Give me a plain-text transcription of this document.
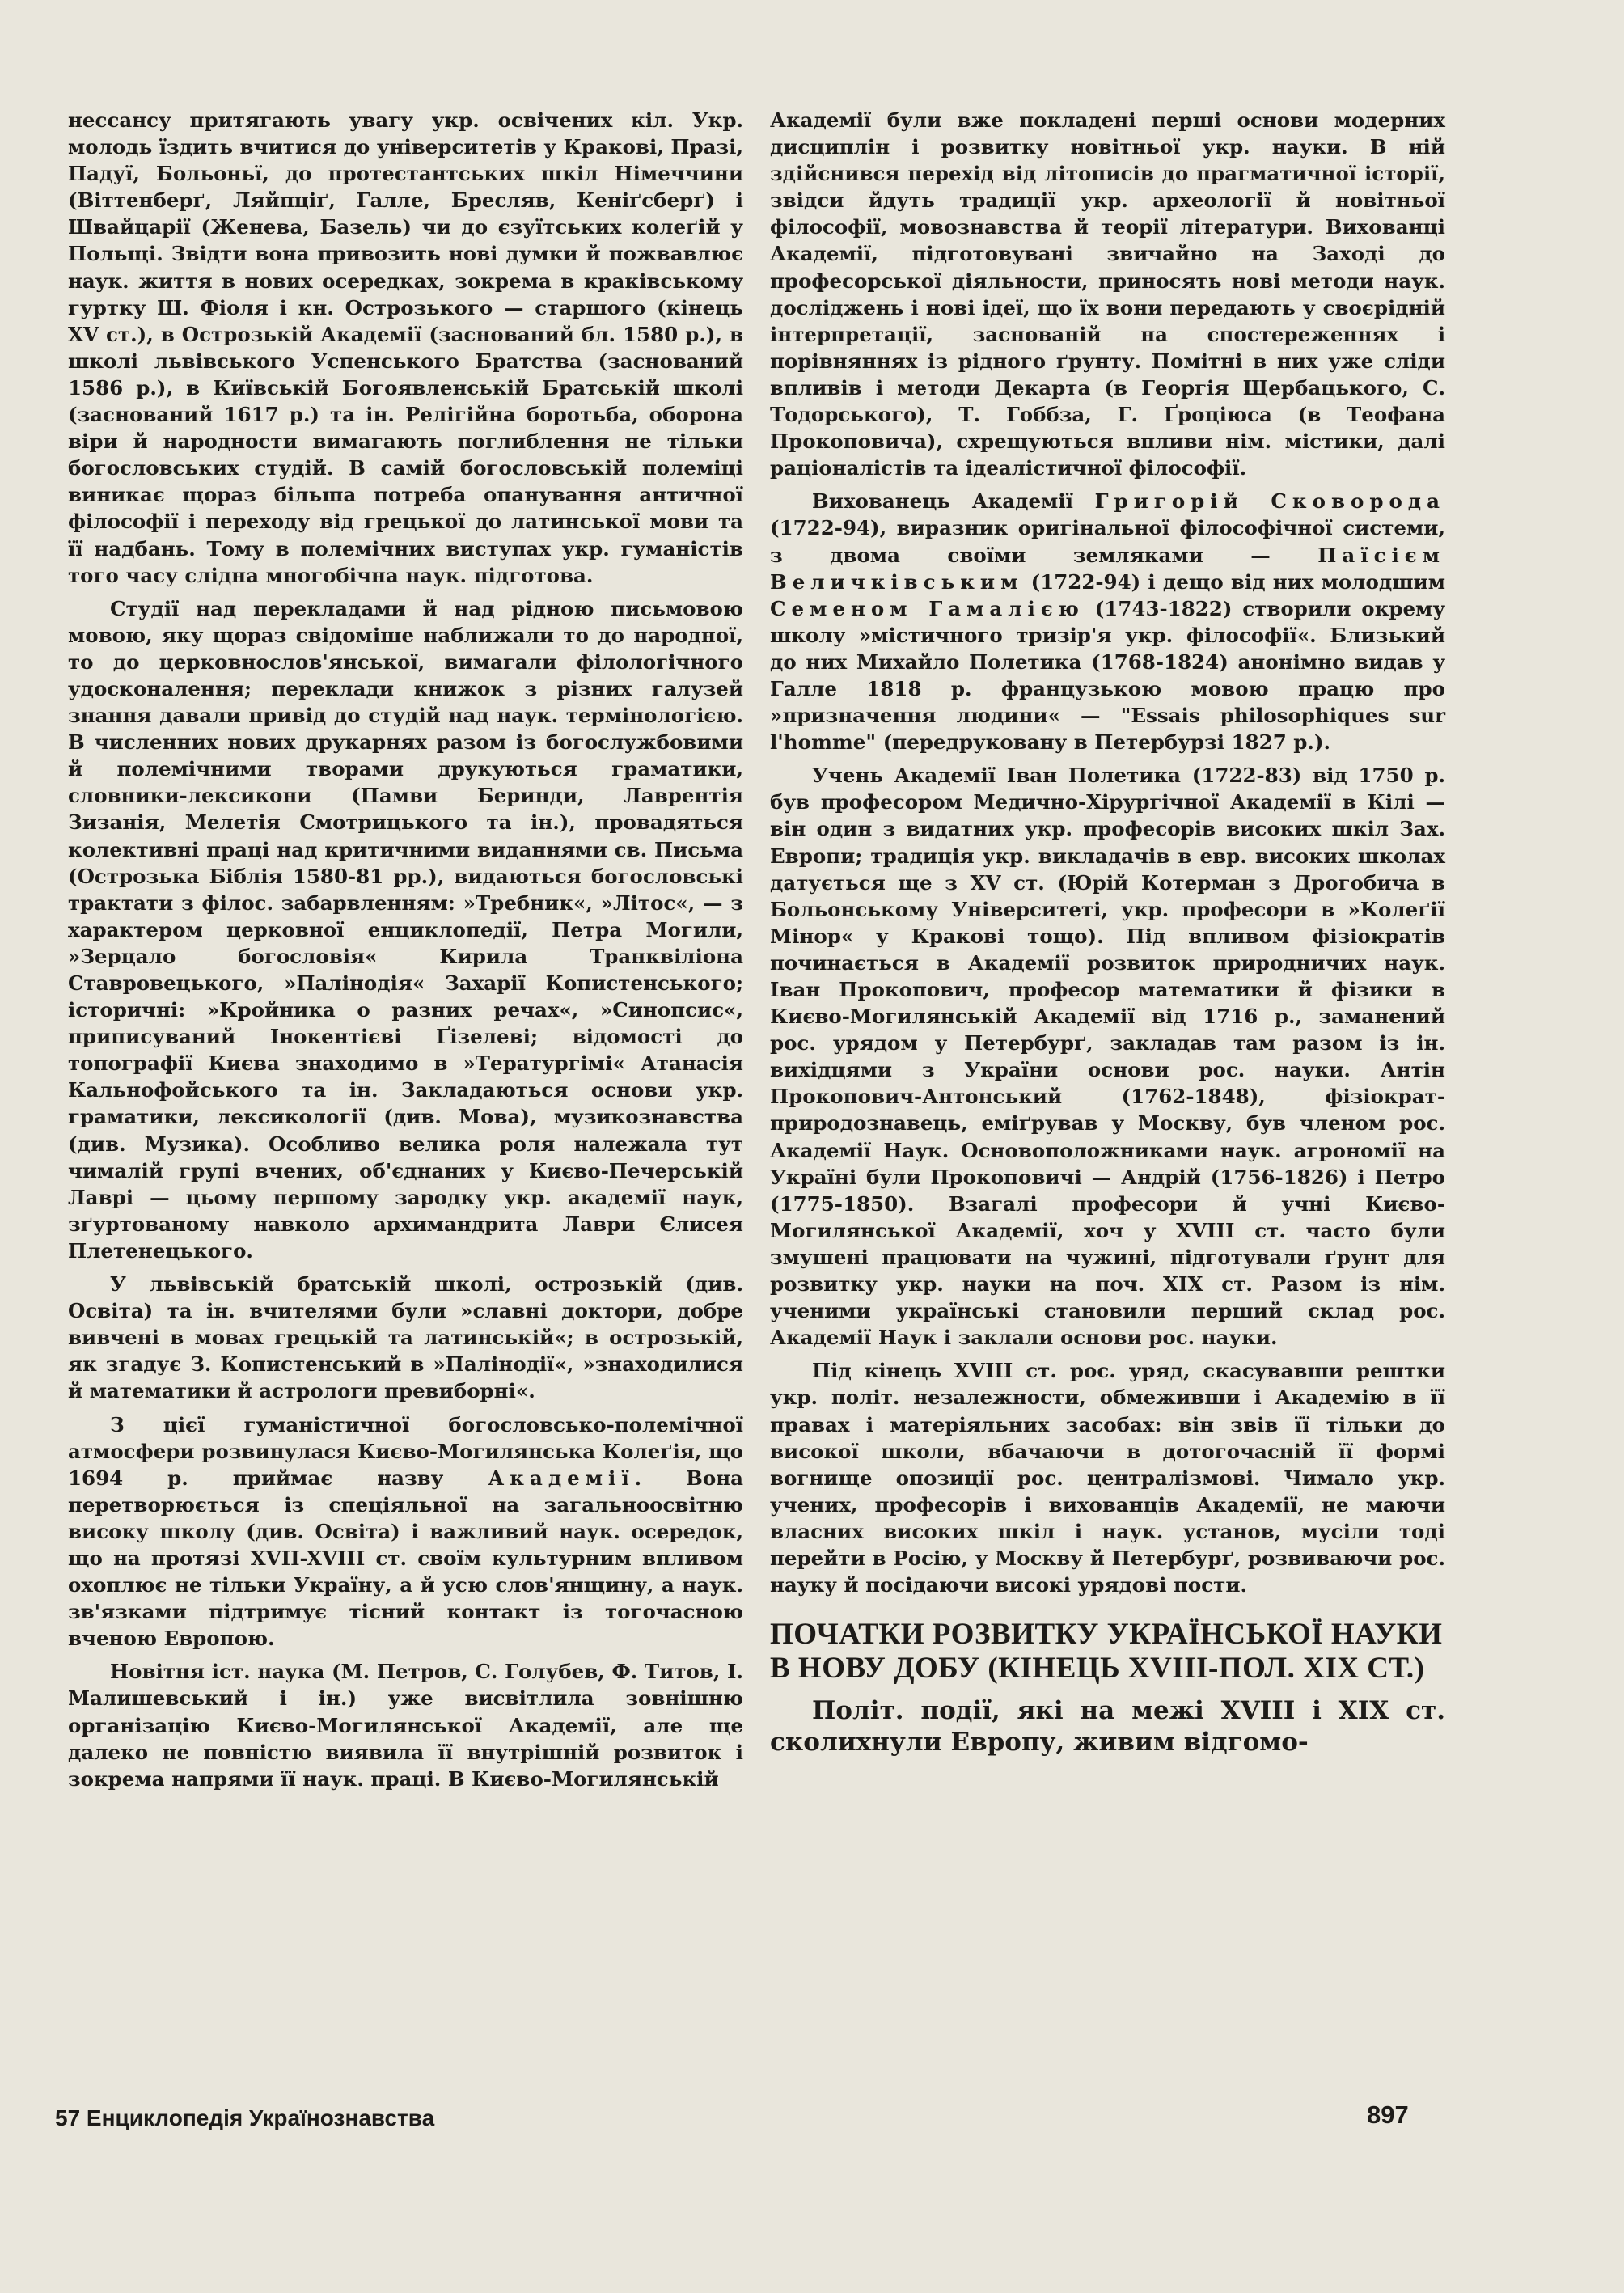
нессансу притягають увагу укр. освічених кіл. Укр. молодь їздить вчитися до університетів у Кракові, Празі, Падуї, Больоньї, до протестантських шкіл Німеччини (Віттенберґ, Ляйпціґ, Галле, Бресляв, Кеніґсберґ) і Швайцарії (Женева, Базель) чи до єзуїтських колеґій у Польщі. Звідти вона привозить нові думки й пожвавлює наук. життя в нових осередках, зокрема в краківському гуртку Ш. Фіоля і кн. Острозького — старшого (кінець XV ст.), в Острозькій Академії (заснований бл. 1580 р.), в школі львівського Успенського Братства (заснований 1586 р.), в Київській Богоявленській Братській школі (заснований 1617 р.) та ін. Релігійна боротьба, оборона віри й народности вимагають поглиблення не тільки богословських студій. В самій богословській полеміці виникає щораз більша потреба опанування античної філософії і переходу від грецької до латинської мови та її надбань. Тому в полемічних виступах укр. гуманістів того часу слідна многобічна наук. підготова.

Студії над перекладами й над рідною письмовою мовою, яку щораз свідоміше наближали то до народної, то до церковнослов'янської, вимагали філологічного удосконалення; переклади книжок з різних галузей знання давали привід до студій над наук. термінологією. В численних нових друкарнях разом із богослужбовими й полемічними творами друкуються граматики, словники-лексикони (Памви Беринди, Лаврентія Зизанія, Мелетія Смотрицького та ін.), провадяться колективні праці над критичними виданнями св. Письма (Острозька Біблія 1580-81 рр.), видаються богословські трактати з філос. забарвленням: »Требник«, »Літос«, — з характером церковної енциклопедії, Петра Могили, »Зерцало богословія« Кирила Транквіліона Ставровецького, »Палінодія« Захарії Копистенського; історичні: »Кройника о разних речах«, »Синопсис«, приписуваний Інокентієві Ґізелеві; відомості до топографії Києва знаходимо в »Тератургімі« Атанасія Кальнофойського та ін. Закладаються основи укр. граматики, лексикології (див. Мова), музикознавства (див. Музика). Особливо велика роля належала тут чималій групі вчених, об'єднаних у Києво-Печерській Лаврі — цьому першому зародку укр. академії наук, зґуртованому навколо архимандрита Лаври Єлисея Плетенецького.

У львівській братській школі, острозькій (див. Освіта) та ін. вчителями були »славні доктори, добре вивчені в мовах грецькій та латинській«; в острозькій, як згадує З. Копистенський в »Палінодії«, »знаходилися й математики й астрологи превиборні«.

З цієї гуманістичної богословсько-полемічної атмосфери розвинулася Києво-Могилянська Колеґія, що 1694 р. приймає назву Академії. Вона перетворюється із спеціяльної на загальноосвітню високу школу (див. Освіта) і важливий наук. осередок, що на протязі XVII-XVIII ст. своїм культурним впливом охоплює не тільки Україну, а й усю слов'янщину, а наук. зв'язками підтримує тісний контакт із тогочасною вченою Европою.

Новітня іст. наука (М. Петров, С. Голубев, Ф. Титов, І. Малишевський і ін.) уже висвітлила зовнішню організацію Києво-Могилянської Академії, але ще далеко не повністю виявила її внутрішній розвиток і зокрема напрями її наук. праці. В Києво-Могилянській

Академії були вже покладені перші основи модерних дисциплін і розвитку новітньої укр. науки. В ній здійснився перехід від літописів до прагматичної історії, звідси йдуть традиції укр. археології й новітньої філософії, мовознавства й теорії літератури. Вихованці Академії, підготовувані звичайно на Заході до професорської діяльности, приносять нові методи наук. досліджень і нові ідеї, що їх вони передають у своєрідній інтерпретації, заснованій на спостереженнях і порівняннях із рідного ґрунту. Помітні в них уже сліди впливів і методи Декарта (в Георгія Щербацького, С. Тодорського), Т. Гоббза, Г. Ґроціюса (в Теофана Прокоповича), схрещуються впливи нім. містики, далі раціоналістів та ідеалістичної філософії.

Вихованець Академії Григорій Сковорода (1722-94), виразник оригінальної філософічної системи, з двома своїми земляками — Паїсієм Величківським (1722-94) і дещо від них молодшим Семеном Гамалією (1743-1822) створили окрему школу »містичного тризір'я укр. філософії«. Близький до них Михайло Полетика (1768-1824) анонімно видав у Галле 1818 р. французькою мовою працю про »призначення людини« — "Essais philosophiques sur l'homme" (передруковану в Петербурзі 1827 р.).

Учень Академії Іван Полетика (1722-83) від 1750 р. був професором Медично-Хірургічної Академії в Кілі — він один з видатних укр. професорів високих шкіл Зах. Европи; традиція укр. викладачів в евр. високих школах датується ще з XV ст. (Юрій Котерман з Дрогобича в Больонському Університеті, укр. професори в »Колеґії Мінор« у Кракові тощо). Під впливом фізіократів починається в Академії розвиток природничих наук. Іван Прокопович, професор математики й фізики в Києво-Могилянській Академії від 1716 р., заманений рос. урядом у Петербурґ, закладав там разом із ін. вихідцями з України основи рос. науки. Антін Прокопович-Антонський (1762-1848), фізіократ-природознавець, еміґрував у Москву, був членом рос. Академії Наук. Основоположниками наук. агрономії на Україні були Прокоповичі — Андрій (1756-1826) і Петро (1775-1850). Взагалі професори й учні Києво-Могилянської Академії, хоч у XVIII ст. часто були змушені працювати на чужині, підготували ґрунт для розвитку укр. науки на поч. XIX ст. Разом із нім. ученими українські становили перший склад рос. Академії Наук і заклали основи рос. науки.

Під кінець XVIII ст. рос. уряд, скасувавши рештки укр. політ. незалежности, обмеживши і Академію в її правах і матеріяльних засобах: він звів її тільки до високої школи, вбачаючи в дотогочасній її формі вогнище опозиції рос. централізмові. Чимало укр. учених, професорів і вихованців Академії, не маючи власних високих шкіл і наук. установ, мусіли тоді перейти в Росію, у Москву й Петербурґ, розвиваючи рос. науку й посідаючи високі урядові пости.

ПОЧАТКИ РОЗВИТКУ УКРАЇНСЬКОЇ НАУКИ В НОВУ ДОБУ (КІНЕЦЬ XVIII-ПОЛ. XIX СТ.)

Політ. події, які на межі XVIII і XIX ст. сколихнули Европу, живим відгомо-

57 Енциклопедія Українознавства	897
